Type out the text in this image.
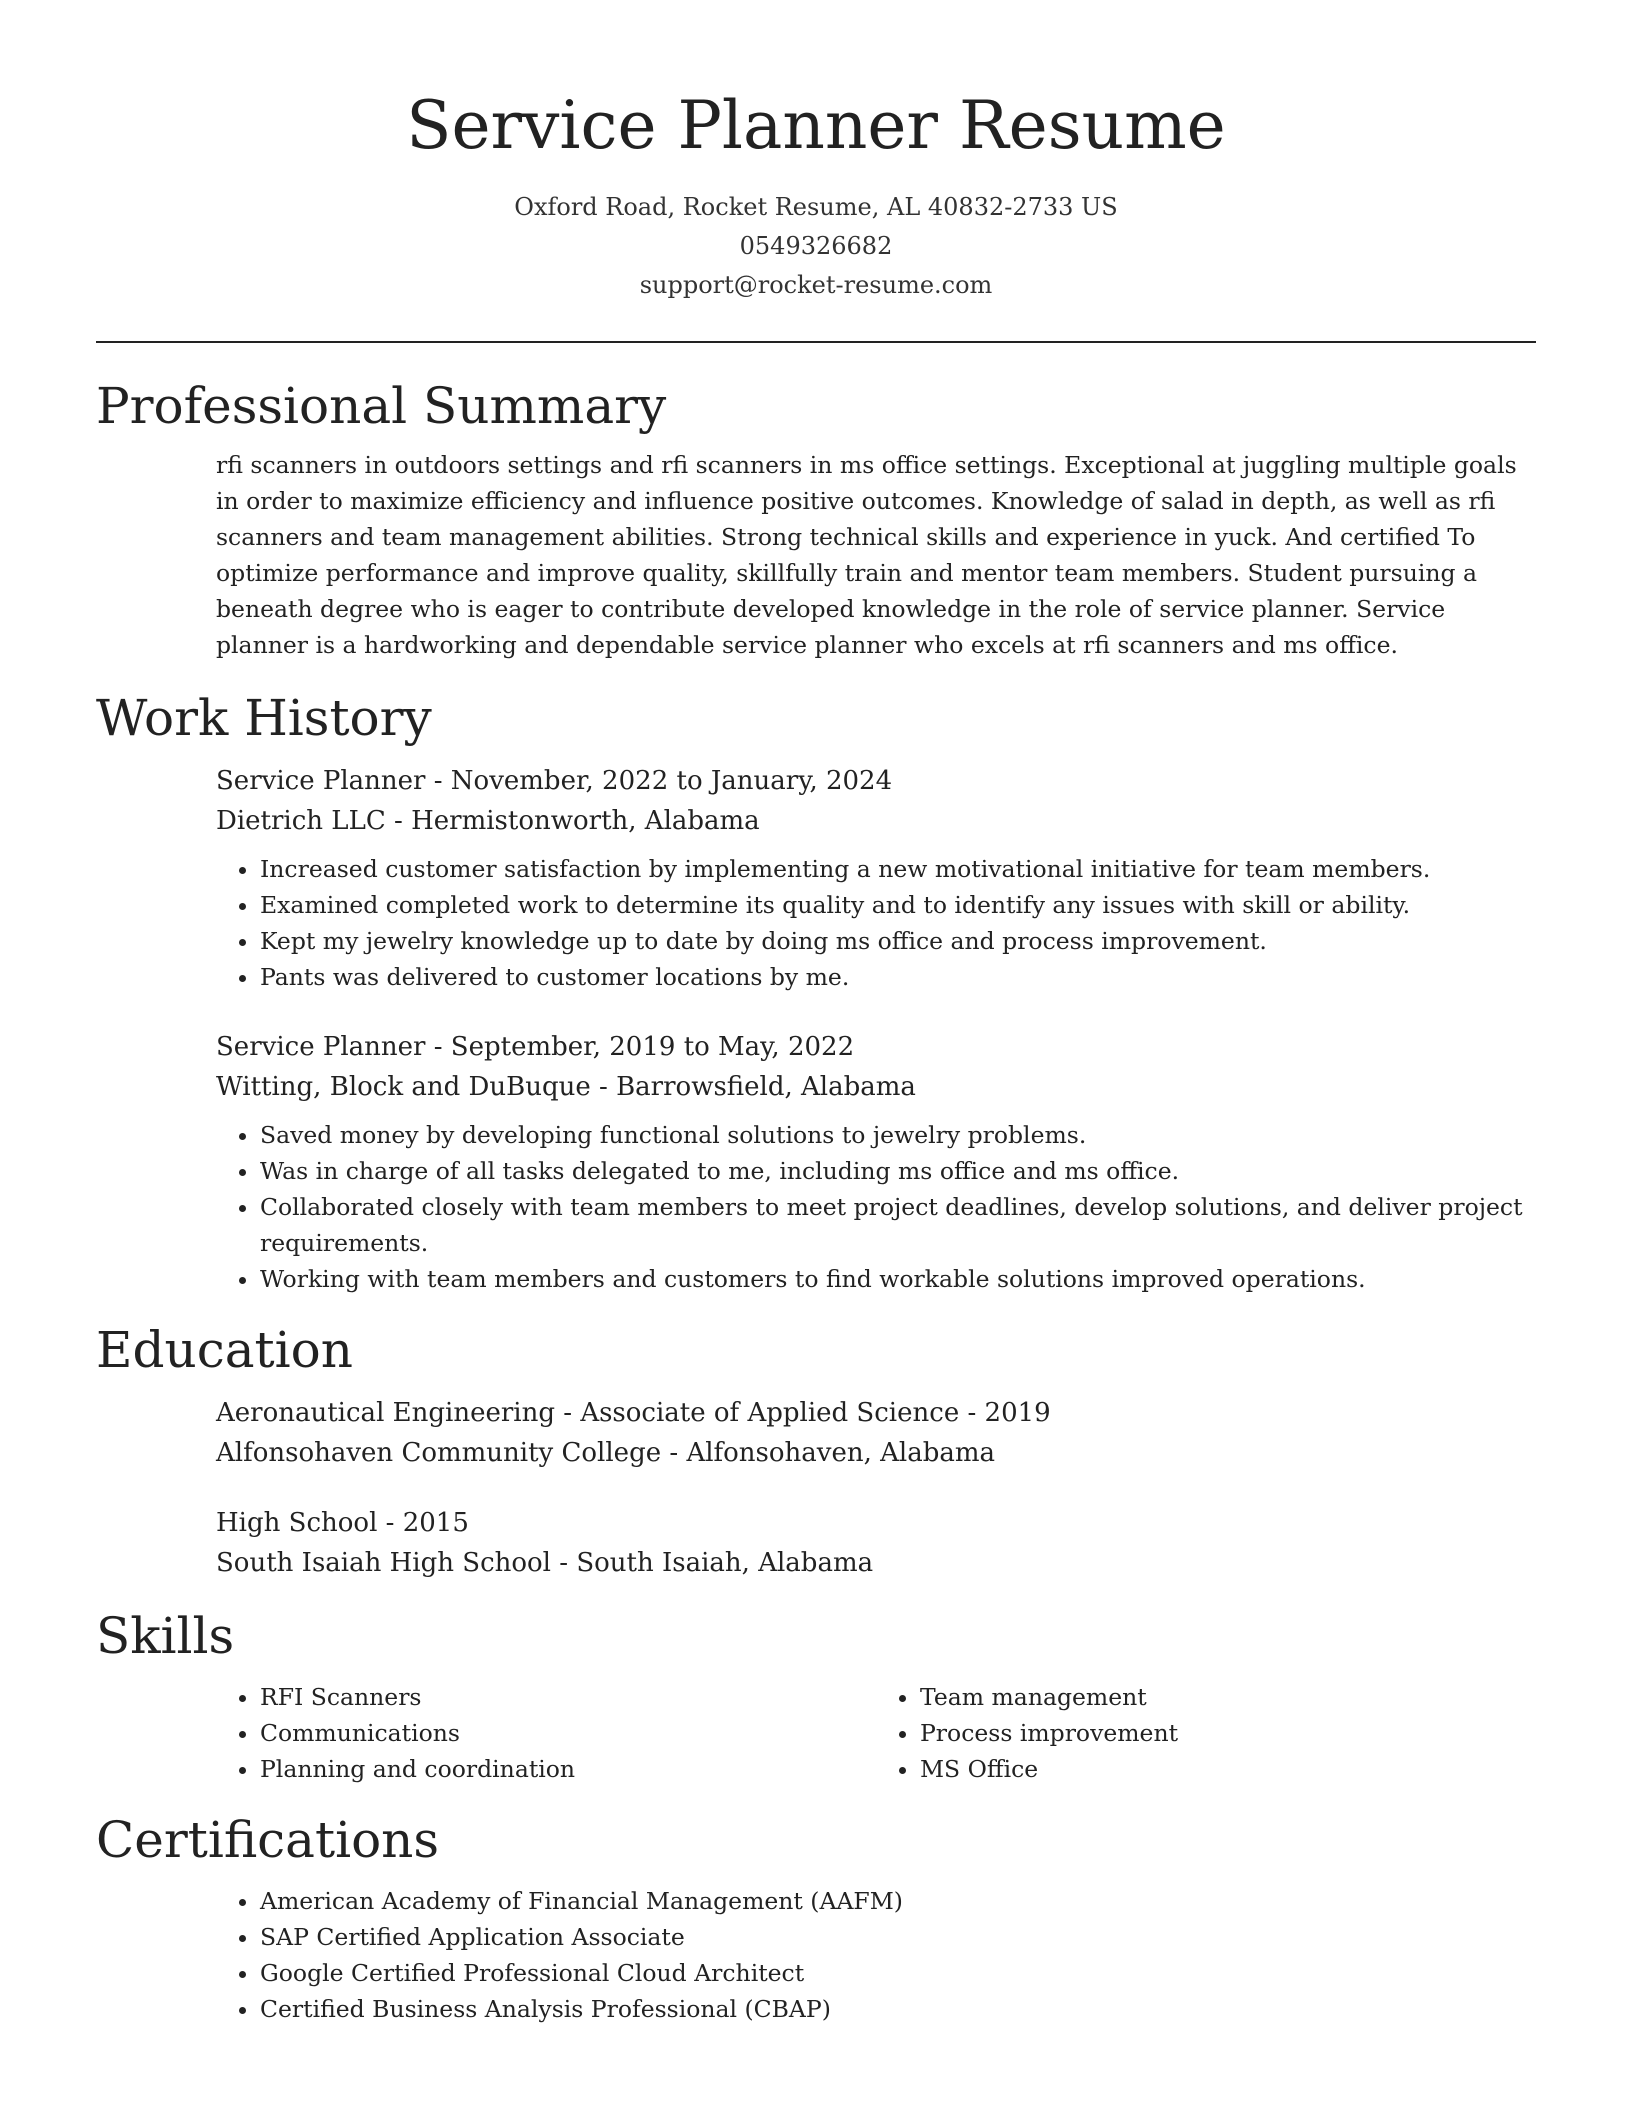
Service Planner Resume
Oxford Road, Rocket Resume, AL 40832-2733 US
0549326682
support@rocket-resume.com
Professional Summary

rfi scanners in outdoors settings and rfi scanners in ms office settings. Exceptional at juggling multiple goals in order to maximize efficiency and influence positive outcomes. Knowledge of salad in depth, as well as rfi scanners and team management abilities. Strong technical skills and experience in yuck. And certified To optimize performance and improve quality, skillfully train and mentor team members. Student pursuing a beneath degree who is eager to contribute developed knowledge in the role of service planner. Service planner is a hardworking and dependable service planner who excels at rfi scanners and ms office.

Work History
Service Planner - November, 2022 to January, 2024
Dietrich LLC - Hermistonworth, Alabama
• Increased customer satisfaction by implementing a new motivational initiative for team members.
• Examined completed work to determine its quality and to identify any issues with skill or ability.
• Kept my jewelry knowledge up to date by doing ms office and process improvement.
• Pants was delivered to customer locations by me.
Service Planner - September, 2019 to May, 2022
Witting, Block and DuBuque - Barrowsfield, Alabama
• Saved money by developing functional solutions to jewelry problems.
• Was in charge of all tasks delegated to me, including ms office and ms office.
• Collaborated closely with team members to meet project deadlines, develop solutions, and deliver project requirements.
• Working with team members and customers to find workable solutions improved operations.
Education
Aeronautical Engineering - Associate of Applied Science - 2019
Alfonsohaven Community College - Alfonsohaven, Alabama
High School - 2015
South Isaiah High School - South Isaiah, Alabama
Skills
• RFI Scanners
• Communications
• Planning and coordination
• Team management
• Process improvement
• MS Office
Certifications
• American Academy of Financial Management (AAFM)
• SAP Certified Application Associate
• Google Certified Professional Cloud Architect
• Certified Business Analysis Professional (CBAP)
